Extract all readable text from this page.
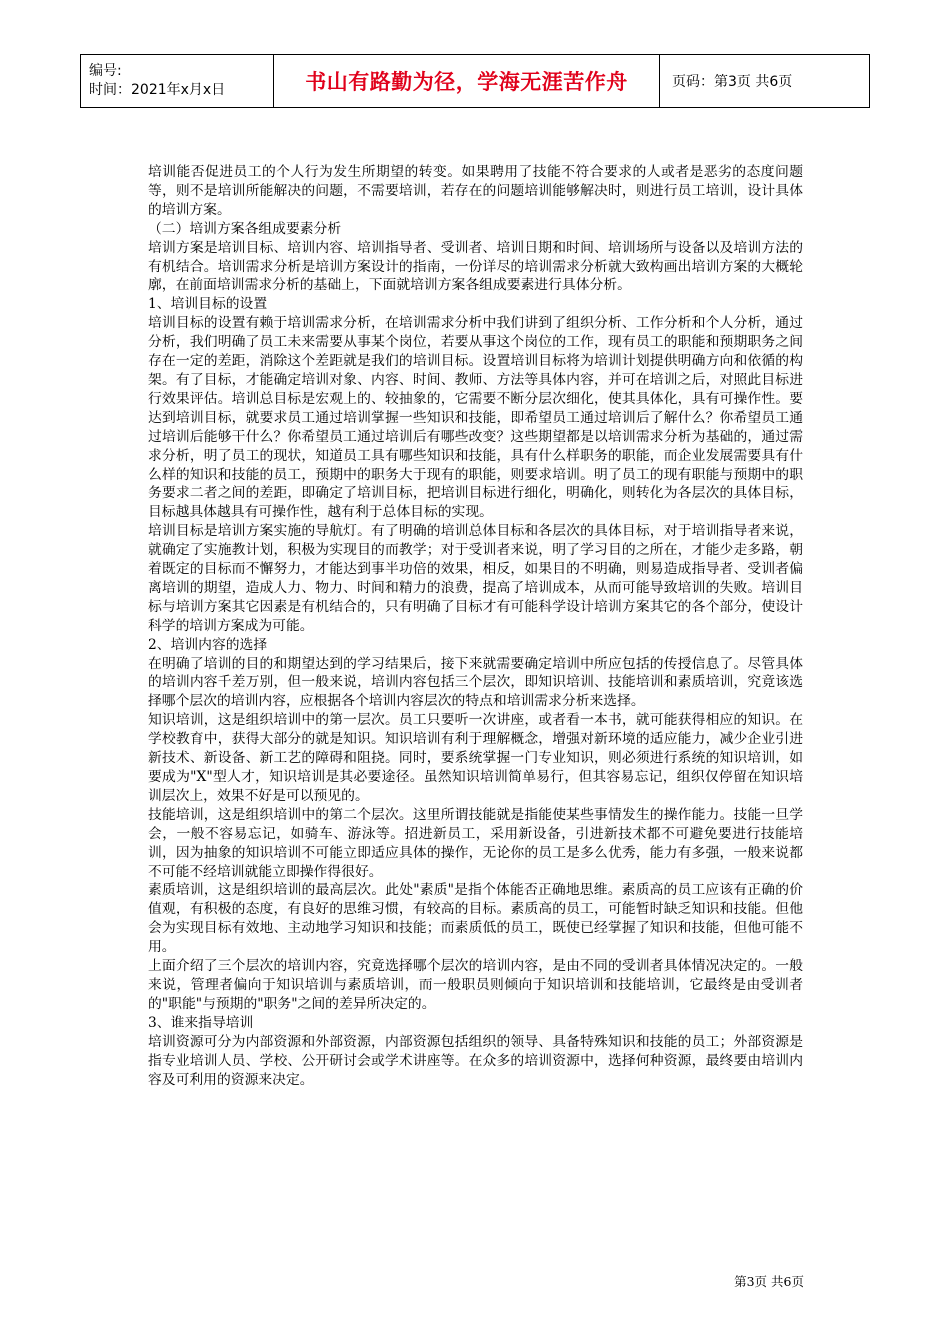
编号:
时间：2021年x月x日	书山有路勤为径，学海无涯苦作舟	页码：第3页 共6页

培训能否促进员工的个人行为发生所期望的转变。如果聘用了技能不符合要求的人或者是恶劣的态度问题等，则不是培训所能解决的问题，不需要培训，若存在的问题培训能够解决时，则进行员工培训，设计具体的培训方案。

（二）培训方案各组成要素分析

培训方案是培训目标、培训内容、培训指导者、受训者、培训日期和时间、培训场所与设备以及培训方法的有机结合。培训需求分析是培训方案设计的指南，一份详尽的培训需求分析就大致构画出培训方案的大概轮廓，在前面培训需求分析的基础上，下面就培训方案各组成要素进行具体分析。

1、培训目标的设置

培训目标的设置有赖于培训需求分析，在培训需求分析中我们讲到了组织分析、工作分析和个人分析，通过分析，我们明确了员工未来需要从事某个岗位，若要从事这个岗位的工作，现有员工的职能和预期职务之间存在一定的差距，消除这个差距就是我们的培训目标。设置培训目标将为培训计划提供明确方向和依循的构架。有了目标，才能确定培训对象、内容、时间、教师、方法等具体内容，并可在培训之后，对照此目标进行效果评估。培训总目标是宏观上的、较抽象的，它需要不断分层次细化，使其具体化，具有可操作性。要达到培训目标，就要求员工通过培训掌握一些知识和技能，即希望员工通过培训后了解什么？你希望员工通过培训后能够干什么？你希望员工通过培训后有哪些改变？这些期望都是以培训需求分析为基础的，通过需求分析，明了员工的现状，知道员工具有哪些知识和技能，具有什么样职务的职能，而企业发展需要具有什么样的知识和技能的员工，预期中的职务大于现有的职能，则要求培训。明了员工的现有职能与预期中的职务要求二者之间的差距，即确定了培训目标，把培训目标进行细化，明确化，则转化为各层次的具体目标，目标越具体越具有可操作性，越有利于总体目标的实现。

培训目标是培训方案实施的导航灯。有了明确的培训总体目标和各层次的具体目标，对于培训指导者来说，就确定了实施教计划，积极为实现目的而教学；对于受训者来说，明了学习目的之所在，才能少走多路，朝着既定的目标而不懈努力，才能达到事半功倍的效果，相反，如果目的不明确，则易造成指导者、受训者偏离培训的期望，造成人力、物力、时间和精力的浪费，提高了培训成本，从而可能导致培训的失败。培训目标与培训方案其它因素是有机结合的，只有明确了目标才有可能科学设计培训方案其它的各个部分，使设计科学的培训方案成为可能。

2、培训内容的选择

在明确了培训的目的和期望达到的学习结果后，接下来就需要确定培训中所应包括的传授信息了。尽管具体的培训内容千差万别，但一般来说，培训内容包括三个层次，即知识培训、技能培训和素质培训，究竟该选择哪个层次的培训内容，应根据各个培训内容层次的特点和培训需求分析来选择。

知识培训，这是组织培训中的第一层次。员工只要听一次讲座，或者看一本书，就可能获得相应的知识。在学校教育中，获得大部分的就是知识。知识培训有利于理解概念，增强对新环境的适应能力，减少企业引进新技术、新设备、新工艺的障碍和阻挠。同时，要系统掌握一门专业知识，则必须进行系统的知识培训，如要成为"X"型人才，知识培训是其必要途径。虽然知识培训简单易行，但其容易忘记，组织仅停留在知识培训层次上，效果不好是可以预见的。

技能培训，这是组织培训中的第二个层次。这里所谓技能就是指能使某些事情发生的操作能力。技能一旦学会，一般不容易忘记，如骑车、游泳等。招进新员工，采用新设备，引进新技术都不可避免要进行技能培训，因为抽象的知识培训不可能立即适应具体的操作，无论你的员工是多么优秀，能力有多强，一般来说都不可能不经培训就能立即操作得很好。

素质培训，这是组织培训的最高层次。此处"素质"是指个体能否正确地思维。素质高的员工应该有正确的价值观，有积极的态度，有良好的思维习惯，有较高的目标。素质高的员工，可能暂时缺乏知识和技能。但他会为实现目标有效地、主动地学习知识和技能；而素质低的员工，既使已经掌握了知识和技能，但他可能不用。

上面介绍了三个层次的培训内容，究竟选择哪个层次的培训内容，是由不同的受训者具体情况决定的。一般来说，管理者偏向于知识培训与素质培训，而一般职员则倾向于知识培训和技能培训，它最终是由受训者的"职能"与预期的"职务"之间的差异所决定的。

3、谁来指导培训

培训资源可分为内部资源和外部资源，内部资源包括组织的领导、具备特殊知识和技能的员工；外部资源是指专业培训人员、学校、公开研讨会或学术讲座等。在众多的培训资源中，选择何种资源，最终要由培训内容及可利用的资源来决定。

第3页 共6页
